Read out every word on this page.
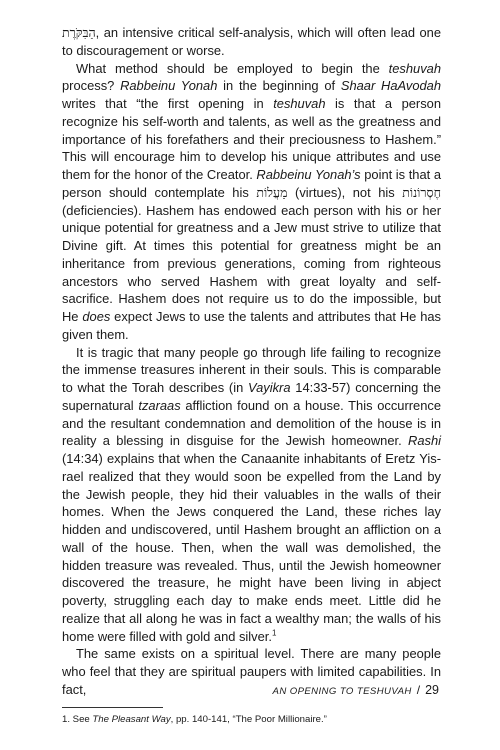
הַבִּקֹּרֶת, an intensive critical self-analysis, which will often lead one to discouragement or worse.

What method should be employed to begin the teshuvah process? Rabbeinu Yonah in the beginning of Shaar HaAvodah writes that “the first opening in teshuvah is that a person recognize his self-worth and talents, as well as the greatness and importance of his forefathers and their preciousness to Hashem.” This will encourage him to develop his unique attributes and use them for the honor of the Creator. Rabbeinu Yonah’s point is that a person should contemplate his מַעֲלוֹת (virtues), not his חֶסְרוֹנוֹת (deficiencies). Hashem has endowed each person with his or her unique potential for greatness and a Jew must strive to utilize that Divine gift. At times this potential for greatness might be an inheritance from previous generations, coming from righteous ancestors who served Hashem with great loyalty and self-sacrifice. Hashem does not require us to do the impossible, but He does expect Jews to use the talents and attributes that He has given them.

It is tragic that many people go through life failing to recognize the immense treasures inherent in their souls. This is comparable to what the Torah describes (in Vayikra 14:33-57) concerning the supernatural tzaraas affliction found on a house. This occurrence and the resultant condemnation and demolition of the house is in reality a blessing in disguise for the Jewish homeowner. Rashi (14:34) explains that when the Canaanite inhabitants of Eretz Yisrael realized that they would soon be expelled from the Land by the Jewish people, they hid their valuables in the walls of their homes. When the Jews conquered the Land, these riches lay hidden and undiscovered, until Hashem brought an affliction on a wall of the house. Then, when the wall was demolished, the hidden treasure was revealed. Thus, until the Jewish homeowner discovered the treasure, he might have been living in abject poverty, struggling each day to make ends meet. Little did he realize that all along he was in fact a wealthy man; the walls of his home were filled with gold and silver.$^1$

The same exists on a spiritual level. There are many people who feel that they are spiritual paupers with limited capabilities. In fact,

1. See The Pleasant Way, pp. 140-141, “The Poor Millionaire.”

AN OPENING TO TESHUVAH / 29
